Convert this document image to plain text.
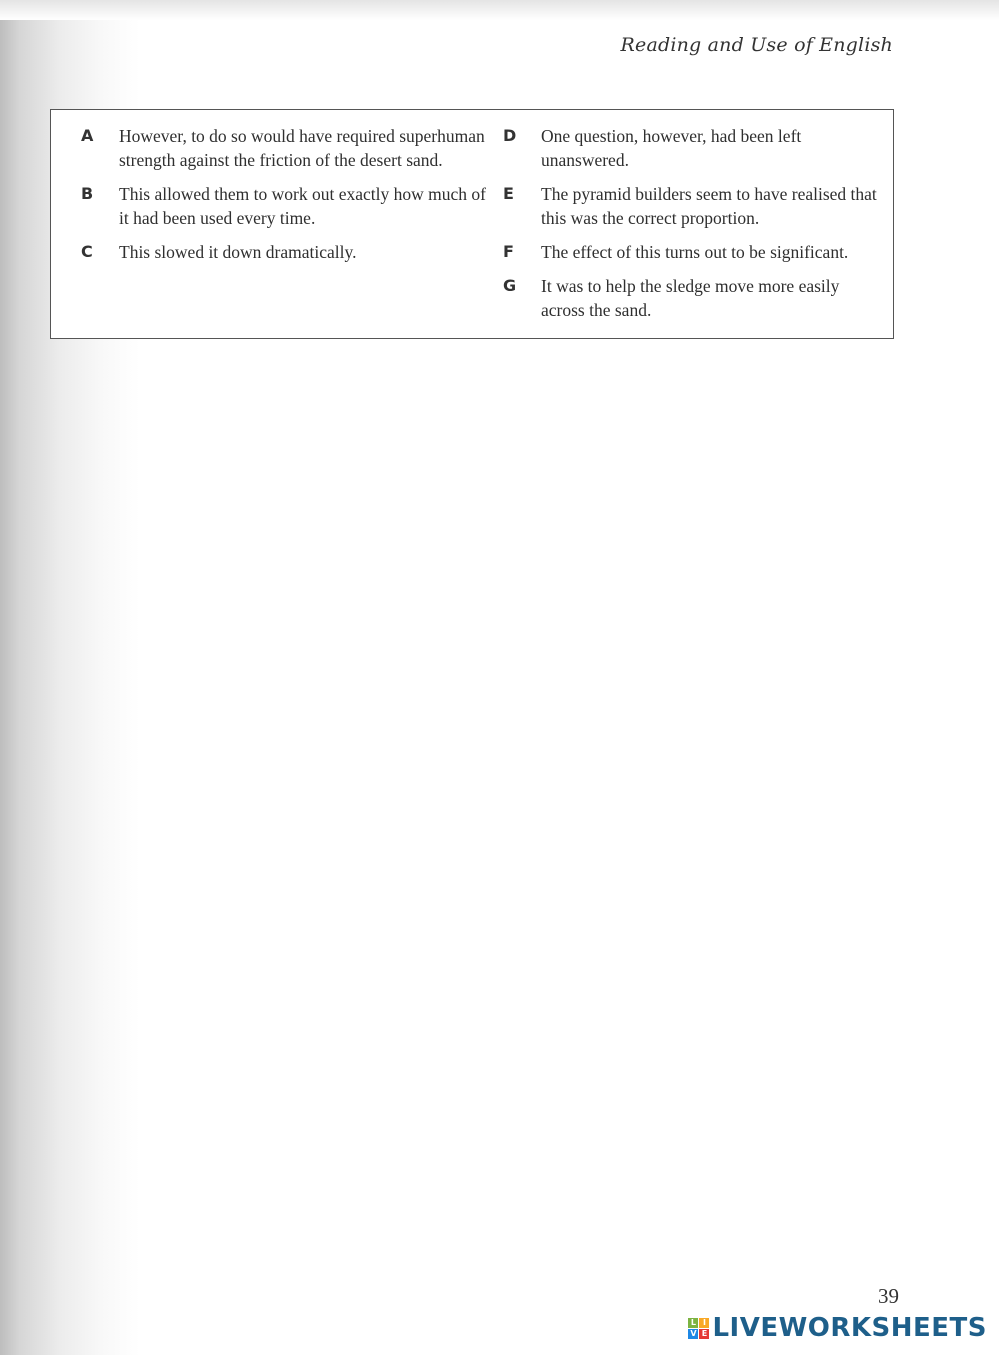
Reading and Use of English
A	However, to do so would have required superhuman strength against the friction of the desert sand.
B	This allowed them to work out exactly how much of it had been used every time.
C	This slowed it down dramatically.
D	One question, however, had been left unanswered.
E	The pyramid builders seem to have realised that this was the correct proportion.
F	The effect of this turns out to be significant.
G	It was to help the sledge move more easily across the sand.
39
L I
V E LIVEWORKSHEETS
